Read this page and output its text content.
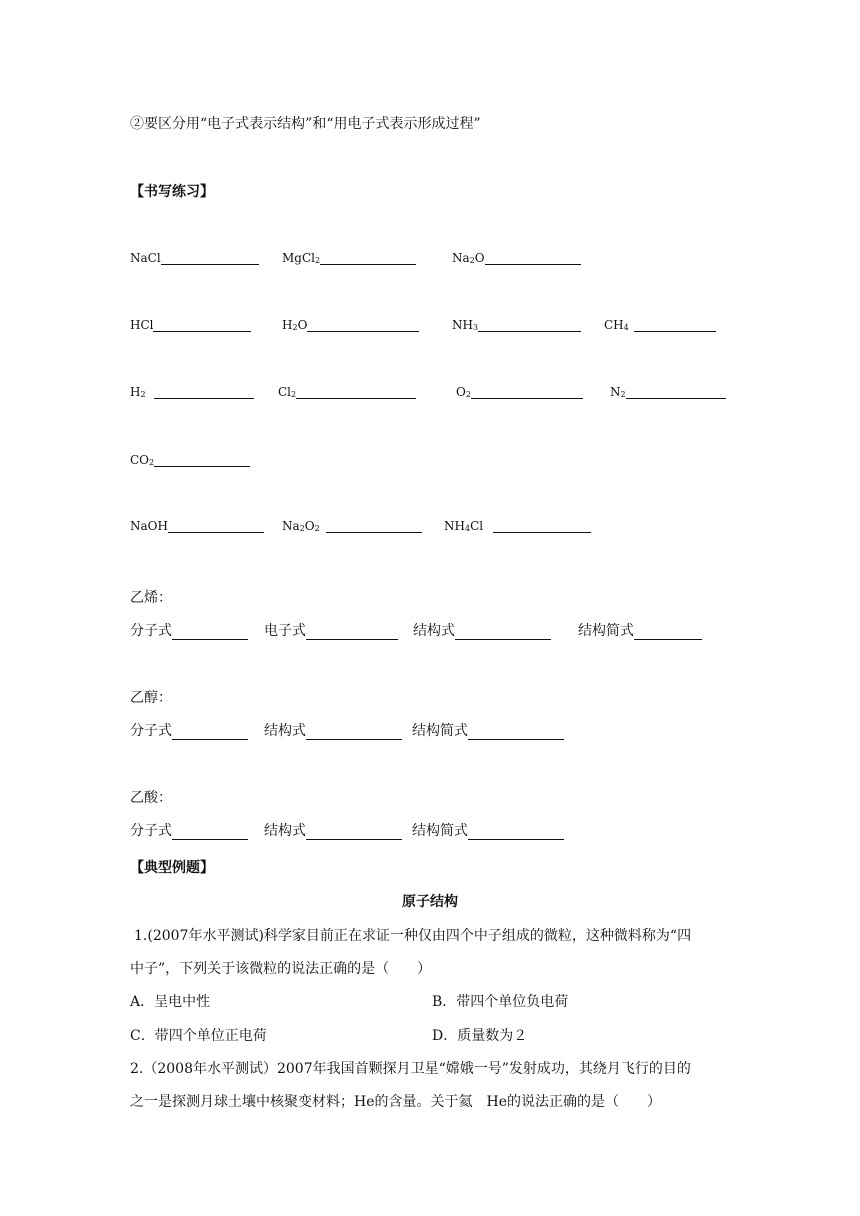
②要区分用“电子式表示结构”和“用电子式表示形成过程”
【书写练习】
NaCl	MgCl$_2$	$Na_2$ O
HCl	$H_2$ O	$NH_3$	$CH_4$
$H_2$	$Cl_2$	$O_2$	$N_2$
$CO_2$
NaOH	$Na_2$ $O_2$	$NH_4$ Cl
乙烯：
分子式	电子式	结构式	结构简式
乙醇：
分子式	结构式	结构简式
乙酸：
分子式	结构式	结构简式
【典型例题】
原子结构
1.(2007年水平测试)科学家目前正在求证一种仅由四个中子组成的微粒，这种微料称为“四
中子”，下列关于该微粒的说法正确的是（　　）
A．呈电中性	B．带四个单位负电荷
C．带四个单位正电荷	D．质量数为２
2.（2008年水平测试）2007年我国首颗探月卫星“嫦娥一号”发射成功，其绕月飞行的目的
之一是探测月球土壤中核聚变材料；He的含量。关于氦　He的说法正确的是（　　）
